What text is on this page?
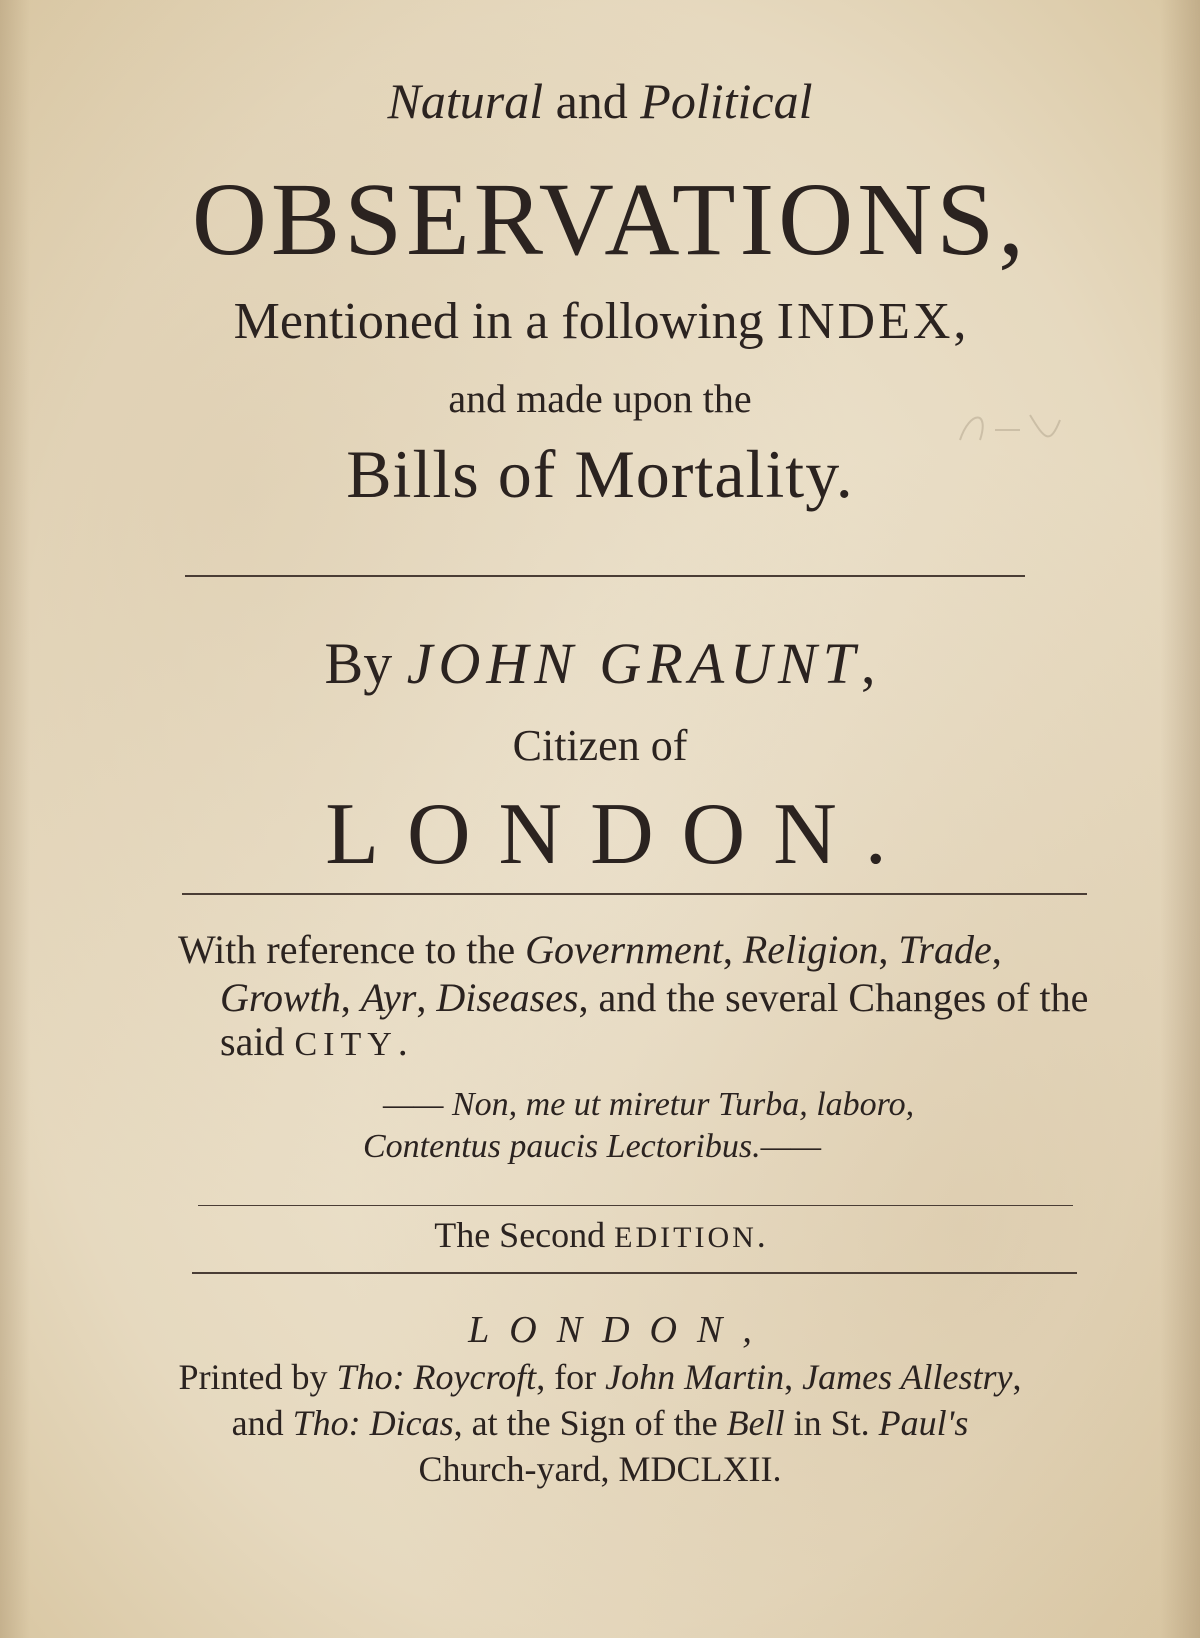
Natural and Political
OBSERVATIONS,
Mentioned in a following INDEX,
and made upon the
Bills of Mortality.
By JOHN GRAUNT,
Citizen of
LONDON.
With reference to the Government, Religion, Trade,
Growth, Ayr, Diseases, and the several Changes of the
said CITY.
—— Non, me ut miretur Turba, laboro,
Contentus paucis Lectoribus.——
The Second EDITION.
LONDON,
Printed by Tho: Roycroft, for John Martin, James Allestry,
and Tho: Dicas, at the Sign of the Bell in St. Paul's
Church-yard, MDCLXII.
